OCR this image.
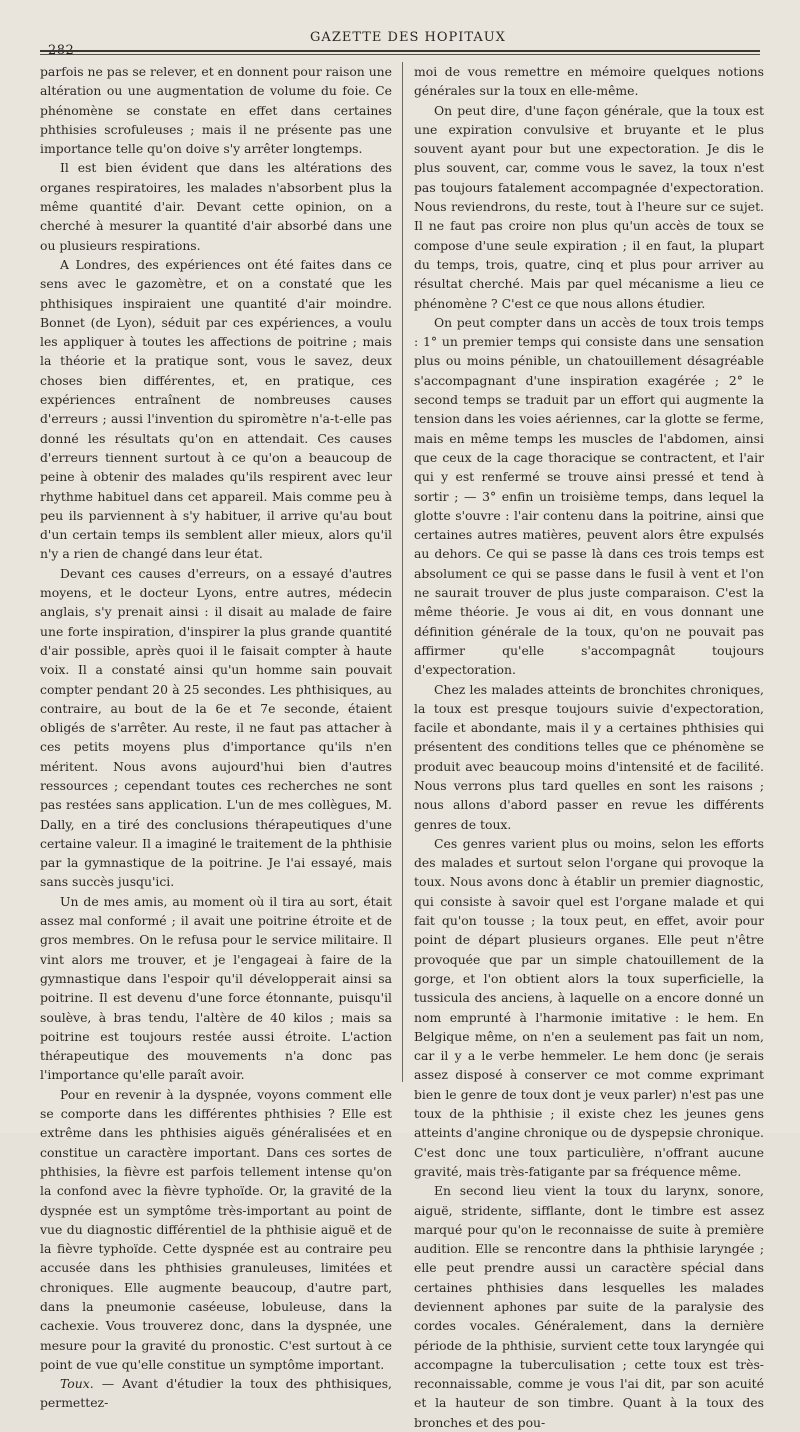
282
GAZETTE DES HOPITAUX

parfois ne pas se relever, et en donnent pour raison une altération ou une augmentation de volume du foie. Ce phénomène se constate en effet dans certaines phthisies scrofuleuses ; mais il ne présente pas une importance telle qu'on doive s'y arrêter longtemps.

Il est bien évident que dans les altérations des organes respiratoires, les malades n'absorbent plus la même quantité d'air. Devant cette opinion, on a cherché à mesurer la quantité d'air absorbé dans une ou plusieurs respirations.

A Londres, des expériences ont été faites dans ce sens avec le gazomètre, et on a constaté que les phthisiques inspiraient une quantité d'air moindre. Bonnet (de Lyon), séduit par ces expériences, a voulu les appliquer à toutes les affections de poitrine ; mais la théorie et la pratique sont, vous le savez, deux choses bien différentes, et, en pratique, ces expériences entraînent de nombreuses causes d'erreurs ; aussi l'invention du spiromètre n'a-t-elle pas donné les résultats qu'on en attendait. Ces causes d'erreurs tiennent surtout à ce qu'on a beaucoup de peine à obtenir des malades qu'ils respirent avec leur rhythme habituel dans cet appareil. Mais comme peu à peu ils parviennent à s'y habituer, il arrive qu'au bout d'un certain temps ils semblent aller mieux, alors qu'il n'y a rien de changé dans leur état.

Devant ces causes d'erreurs, on a essayé d'autres moyens, et le docteur Lyons, entre autres, médecin anglais, s'y prenait ainsi : il disait au malade de faire une forte inspiration, d'inspirer la plus grande quantité d'air possible, après quoi il le faisait compter à haute voix. Il a constaté ainsi qu'un homme sain pouvait compter pendant 20 à 25 secondes. Les phthisiques, au contraire, au bout de la 6e et 7e seconde, étaient obligés de s'arrêter. Au reste, il ne faut pas attacher à ces petits moyens plus d'importance qu'ils n'en méritent. Nous avons aujourd'hui bien d'autres ressources ; cependant toutes ces recherches ne sont pas restées sans application. L'un de mes collègues, M. Dally, en a tiré des conclusions thérapeutiques d'une certaine valeur. Il a imaginé le traitement de la phthisie par la gymnastique de la poitrine. Je l'ai essayé, mais sans succès jusqu'ici.

Un de mes amis, au moment où il tira au sort, était assez mal conformé ; il avait une poitrine étroite et de gros membres. On le refusa pour le service militaire. Il vint alors me trouver, et je l'engageai à faire de la gymnastique dans l'espoir qu'il développerait ainsi sa poitrine. Il est devenu d'une force étonnante, puisqu'il soulève, à bras tendu, l'altère de 40 kilos ; mais sa poitrine est toujours restée aussi étroite. L'action thérapeutique des mouvements n'a donc pas l'importance qu'elle paraît avoir.

Pour en revenir à la dyspnée, voyons comment elle se comporte dans les différentes phthisies ? Elle est extrême dans les phthisies aiguës généralisées et en constitue un caractère important. Dans ces sortes de phthisies, la fièvre est parfois tellement intense qu'on la confond avec la fièvre typhoïde. Or, la gravité de la dyspnée est un symptôme très-important au point de vue du diagnostic différentiel de la phthisie aiguë et de la fièvre typhoïde. Cette dyspnée est au contraire peu accusée dans les phthisies granuleuses, limitées et chroniques. Elle augmente beaucoup, d'autre part, dans la pneumonie caséeuse, lobuleuse, dans la cachexie. Vous trouverez donc, dans la dyspnée, une mesure pour la gravité du pronostic. C'est surtout à ce point de vue qu'elle constitue un symptôme important.

Toux. — Avant d'étudier la toux des phthisiques, permettez-

moi de vous remettre en mémoire quelques notions générales sur la toux en elle-même.

On peut dire, d'une façon générale, que la toux est une expiration convulsive et bruyante et le plus souvent ayant pour but une expectoration. Je dis le plus souvent, car, comme vous le savez, la toux n'est pas toujours fatalement accompagnée d'expectoration. Nous reviendrons, du reste, tout à l'heure sur ce sujet. Il ne faut pas croire non plus qu'un accès de toux se compose d'une seule expiration ; il en faut, la plupart du temps, trois, quatre, cinq et plus pour arriver au résultat cherché. Mais par quel mécanisme a lieu ce phénomène ? C'est ce que nous allons étudier.

On peut compter dans un accès de toux trois temps : 1° un premier temps qui consiste dans une sensation plus ou moins pénible, un chatouillement désagréable s'accompagnant d'une inspiration exagérée ; 2° le second temps se traduit par un effort qui augmente la tension dans les voies aériennes, car la glotte se ferme, mais en même temps les muscles de l'abdomen, ainsi que ceux de la cage thoracique se contractent, et l'air qui y est renfermé se trouve ainsi pressé et tend à sortir ; — 3° enfin un troisième temps, dans lequel la glotte s'ouvre : l'air contenu dans la poitrine, ainsi que certaines autres matières, peuvent alors être expulsés au dehors. Ce qui se passe là dans ces trois temps est absolument ce qui se passe dans le fusil à vent et l'on ne saurait trouver de plus juste comparaison. C'est la même théorie. Je vous ai dit, en vous donnant une définition générale de la toux, qu'on ne pouvait pas affirmer qu'elle s'accompagnât toujours d'expectoration.

Chez les malades atteints de bronchites chroniques, la toux est presque toujours suivie d'expectoration, facile et abondante, mais il y a certaines phthisies qui présentent des conditions telles que ce phénomène se produit avec beaucoup moins d'intensité et de facilité. Nous verrons plus tard quelles en sont les raisons ; nous allons d'abord passer en revue les différents genres de toux.

Ces genres varient plus ou moins, selon les efforts des malades et surtout selon l'organe qui provoque la toux. Nous avons donc à établir un premier diagnostic, qui consiste à savoir quel est l'organe malade et qui fait qu'on tousse ; la toux peut, en effet, avoir pour point de départ plusieurs organes. Elle peut n'être provoquée que par un simple chatouillement de la gorge, et l'on obtient alors la toux superficielle, la tussicula des anciens, à laquelle on a encore donné un nom emprunté à l'harmonie imitative : le hem. En Belgique même, on n'en a seulement pas fait un nom, car il y a le verbe hemmeler. Le hem donc (je serais assez disposé à conserver ce mot comme exprimant bien le genre de toux dont je veux parler) n'est pas une toux de la phthisie ; il existe chez les jeunes gens atteints d'angine chronique ou de dyspepsie chronique. C'est donc une toux particulière, n'offrant aucune gravité, mais très-fatigante par sa fréquence même.

En second lieu vient la toux du larynx, sonore, aiguë, stridente, sifflante, dont le timbre est assez marqué pour qu'on le reconnaisse de suite à première audition. Elle se rencontre dans la phthisie laryngée ; elle peut prendre aussi un caractère spécial dans certaines phthisies dans lesquelles les malades deviennent aphones par suite de la paralysie des cordes vocales. Généralement, dans la dernière période de la phthisie, survient cette toux laryngée qui accompagne la tuberculisation ; cette toux est très-reconnaissable, comme je vous l'ai dit, par son acuité et la hauteur de son timbre. Quant à la toux des bronches et des pou-
